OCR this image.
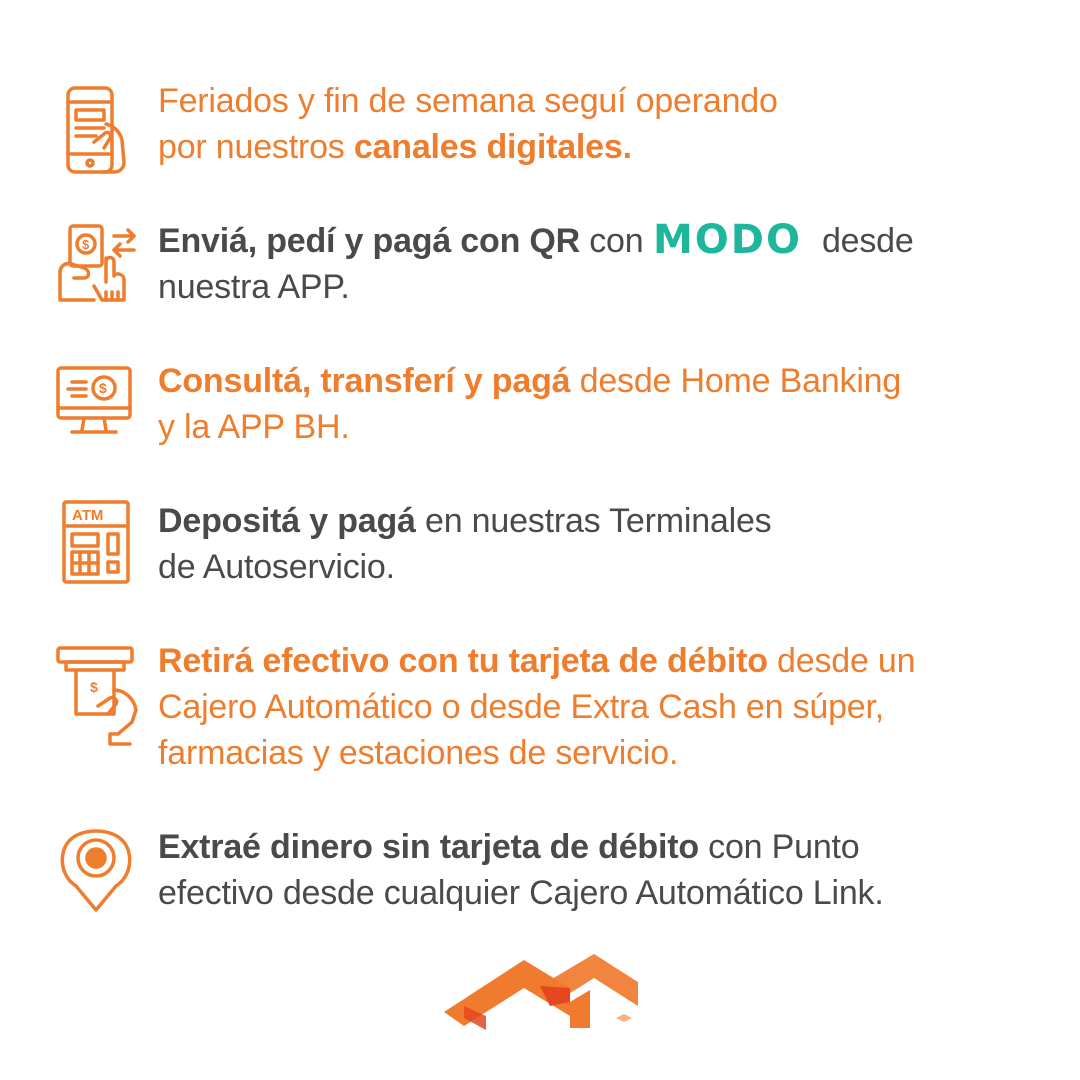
Feriados y fin de semana seguí operando
por nuestros canales digitales.

$ Enviá, pedí y pagá con QR con MODO desde
nuestra APP.

$ Consultá, transferí y pagá desde Home Banking
y la APP BH.

ATM Depositá y pagá en nuestras Terminales
de Autoservicio.

$

Retirá efectivo con tu tarjeta de débito desde un
Cajero Automático o desde Extra Cash en súper,
farmacias y estaciones de servicio.

Extraé dinero sin tarjeta de débito con Punto
efectivo desde cualquier Cajero Automático Link.
